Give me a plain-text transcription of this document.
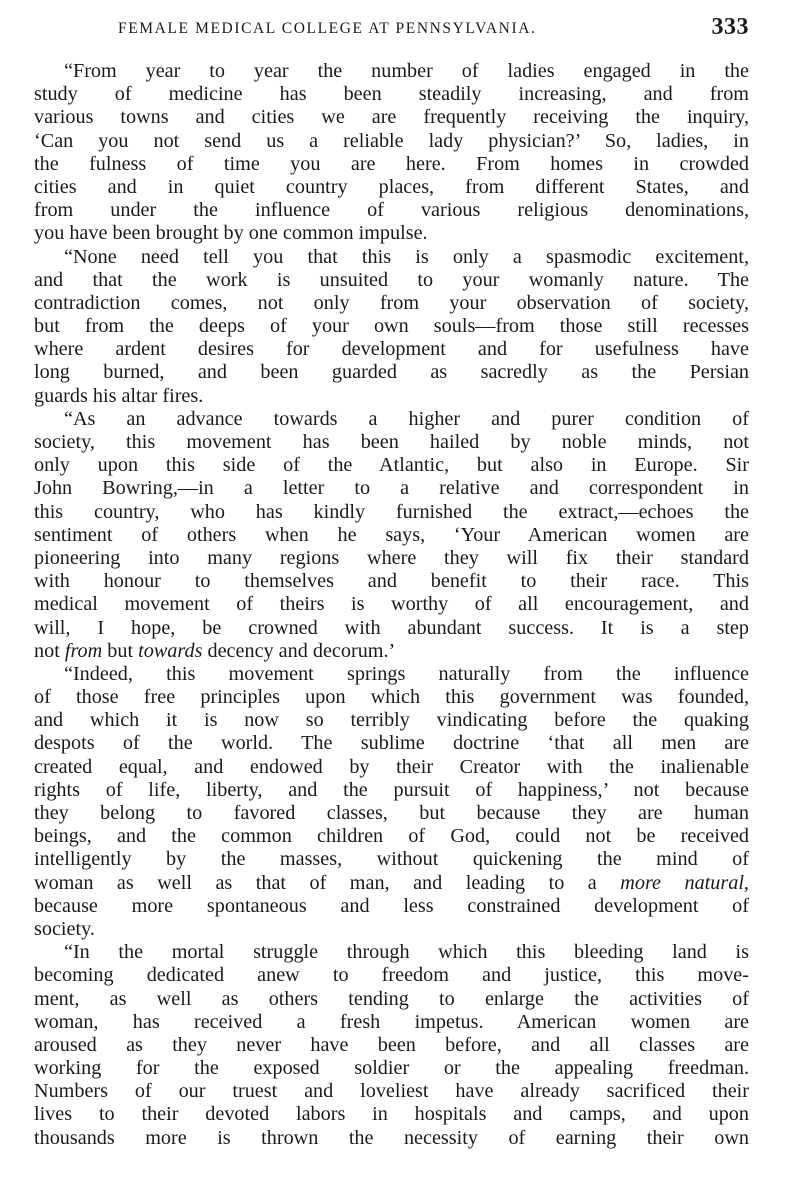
FEMALE MEDICAL COLLEGE AT PENNSYLVANIA.	333
“From year to year the number of ladies engaged in the
study of medicine has been steadily increasing, and from
various towns and cities we are frequently receiving the inquiry,
‘Can you not send us a reliable lady physician?’ So, ladies, in
the fulness of time you are here. From homes in crowded
cities and in quiet country places, from different States, and
from under the influence of various religious denominations,
you have been brought by one common impulse.
“None need tell you that this is only a spasmodic excitement,
and that the work is unsuited to your womanly nature. The
contradiction comes, not only from your observation of society,
but from the deeps of your own souls—from those still recesses
where ardent desires for development and for usefulness have
long burned, and been guarded as sacredly as the Persian
guards his altar fires.
“As an advance towards a higher and purer condition of
society, this movement has been hailed by noble minds, not
only upon this side of the Atlantic, but also in Europe. Sir
John Bowring,—in a letter to a relative and correspondent in
this country, who has kindly furnished the extract,—echoes the
sentiment of others when he says, ‘Your American women are
pioneering into many regions where they will fix their standard
with honour to themselves and benefit to their race. This
medical movement of theirs is worthy of all encouragement, and
will, I hope, be crowned with abundant success. It is a step
not from but towards decency and decorum.’
“Indeed, this movement springs naturally from the influence
of those free principles upon which this government was founded,
and which it is now so terribly vindicating before the quaking
despots of the world. The sublime doctrine ‘that all men are
created equal, and endowed by their Creator with the inalienable
rights of life, liberty, and the pursuit of happiness,’ not because
they belong to favored classes, but because they are human
beings, and the common children of God, could not be received
intelligently by the masses, without quickening the mind of
woman as well as that of man, and leading to a more natural,
because more spontaneous and less constrained development of
society.
“In the mortal struggle through which this bleeding land is
becoming dedicated anew to freedom and justice, this move-
ment, as well as others tending to enlarge the activities of
woman, has received a fresh impetus. American women are
aroused as they never have been before, and all classes are
working for the exposed soldier or the appealing freedman.
Numbers of our truest and loveliest have already sacrificed their
lives to their devoted labors in hospitals and camps, and upon
thousands more is thrown the necessity of earning their own
